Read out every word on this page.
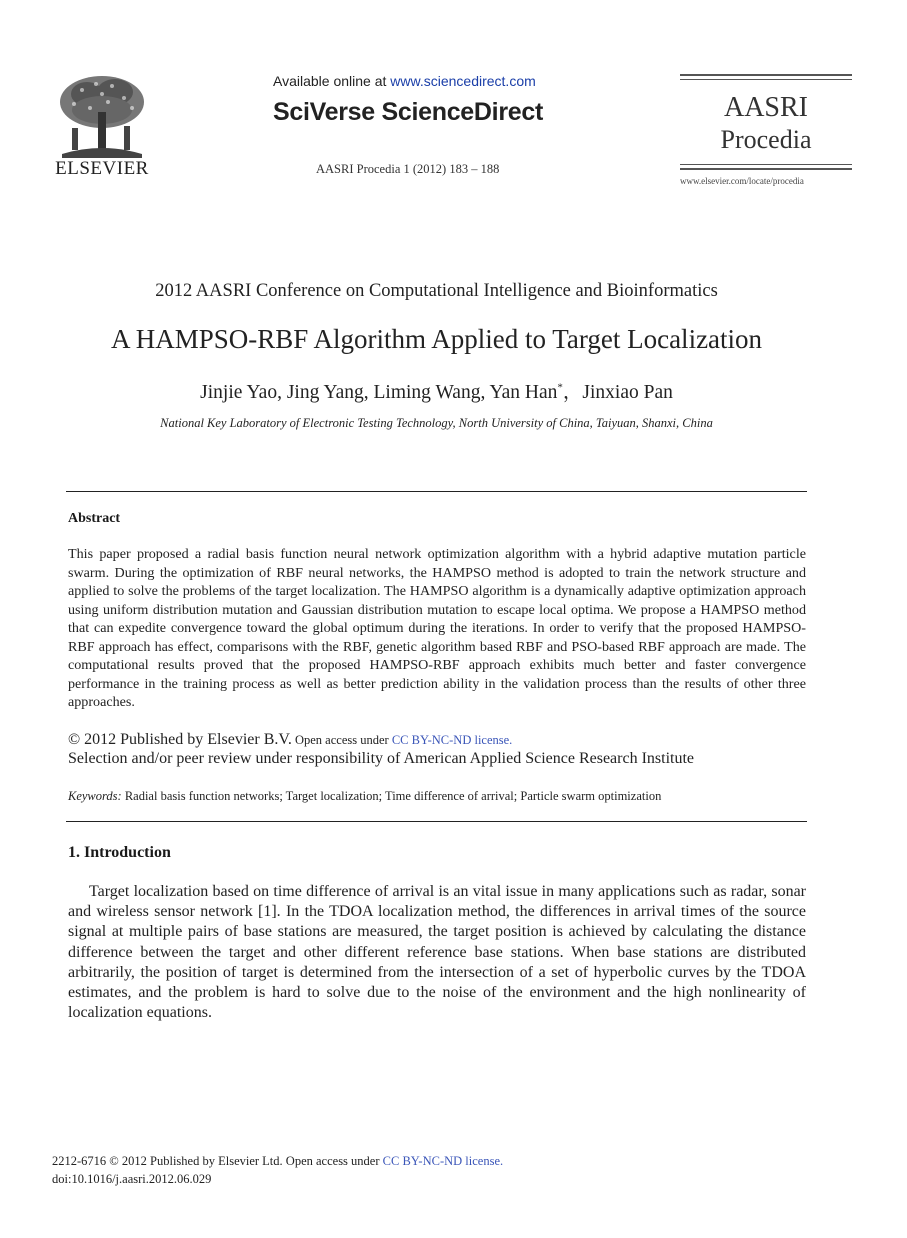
ELSEVIER
Available online at www.sciencedirect.com
SciVerse ScienceDirect
AASRI Procedia 1 (2012) 183 – 188
AASRI
Procedia
www.elsevier.com/locate/procedia
2012 AASRI Conference on Computational Intelligence and Bioinformatics
A HAMPSO-RBF Algorithm Applied to Target Localization
Jinjie Yao, Jing Yang, Liming Wang, Yan Han*，Jinxiao Pan
National Key Laboratory of Electronic Testing Technology, North University of China, Taiyuan, Shanxi, China
Abstract
This paper proposed a radial basis function neural network optimization algorithm with a hybrid adaptive mutation particle swarm. During the optimization of RBF neural networks, the HAMPSO method is adopted to train the network structure and applied to solve the problems of the target localization. The HAMPSO algorithm is a dynamically adaptive optimization approach using uniform distribution mutation and Gaussian distribution mutation to escape local optima. We propose a HAMPSO method that can expedite convergence toward the global optimum during the iterations. In order to verify that the proposed HAMPSO-RBF approach has effect, comparisons with the RBF, genetic algorithm based RBF and PSO-based RBF approach are made. The computational results proved that the proposed HAMPSO-RBF approach exhibits much better and faster convergence performance in the training process as well as better prediction ability in the validation process than the results of other three approaches.
© 2012 Published by Elsevier B.V. Open access under CC BY-NC-ND license.
Selection and/or peer review under responsibility of American Applied Science Research Institute
Keywords: Radial basis function networks; Target localization; Time difference of arrival; Particle swarm optimization
1. Introduction
Target localization based on time difference of arrival is an vital issue in many applications such as radar, sonar and wireless sensor network [1]. In the TDOA localization method, the differences in arrival times of the source signal at multiple pairs of base stations are measured, the target position is achieved by calculating the distance difference between the target and other different reference base stations. When base stations are distributed arbitrarily, the position of target is determined from the intersection of a set of hyperbolic curves by the TDOA estimates, and the problem is hard to solve due to the noise of the environment and the high nonlinearity of localization equations.
2212-6716 © 2012 Published by Elsevier Ltd. Open access under CC BY-NC-ND license.
doi:10.1016/j.aasri.2012.06.029
